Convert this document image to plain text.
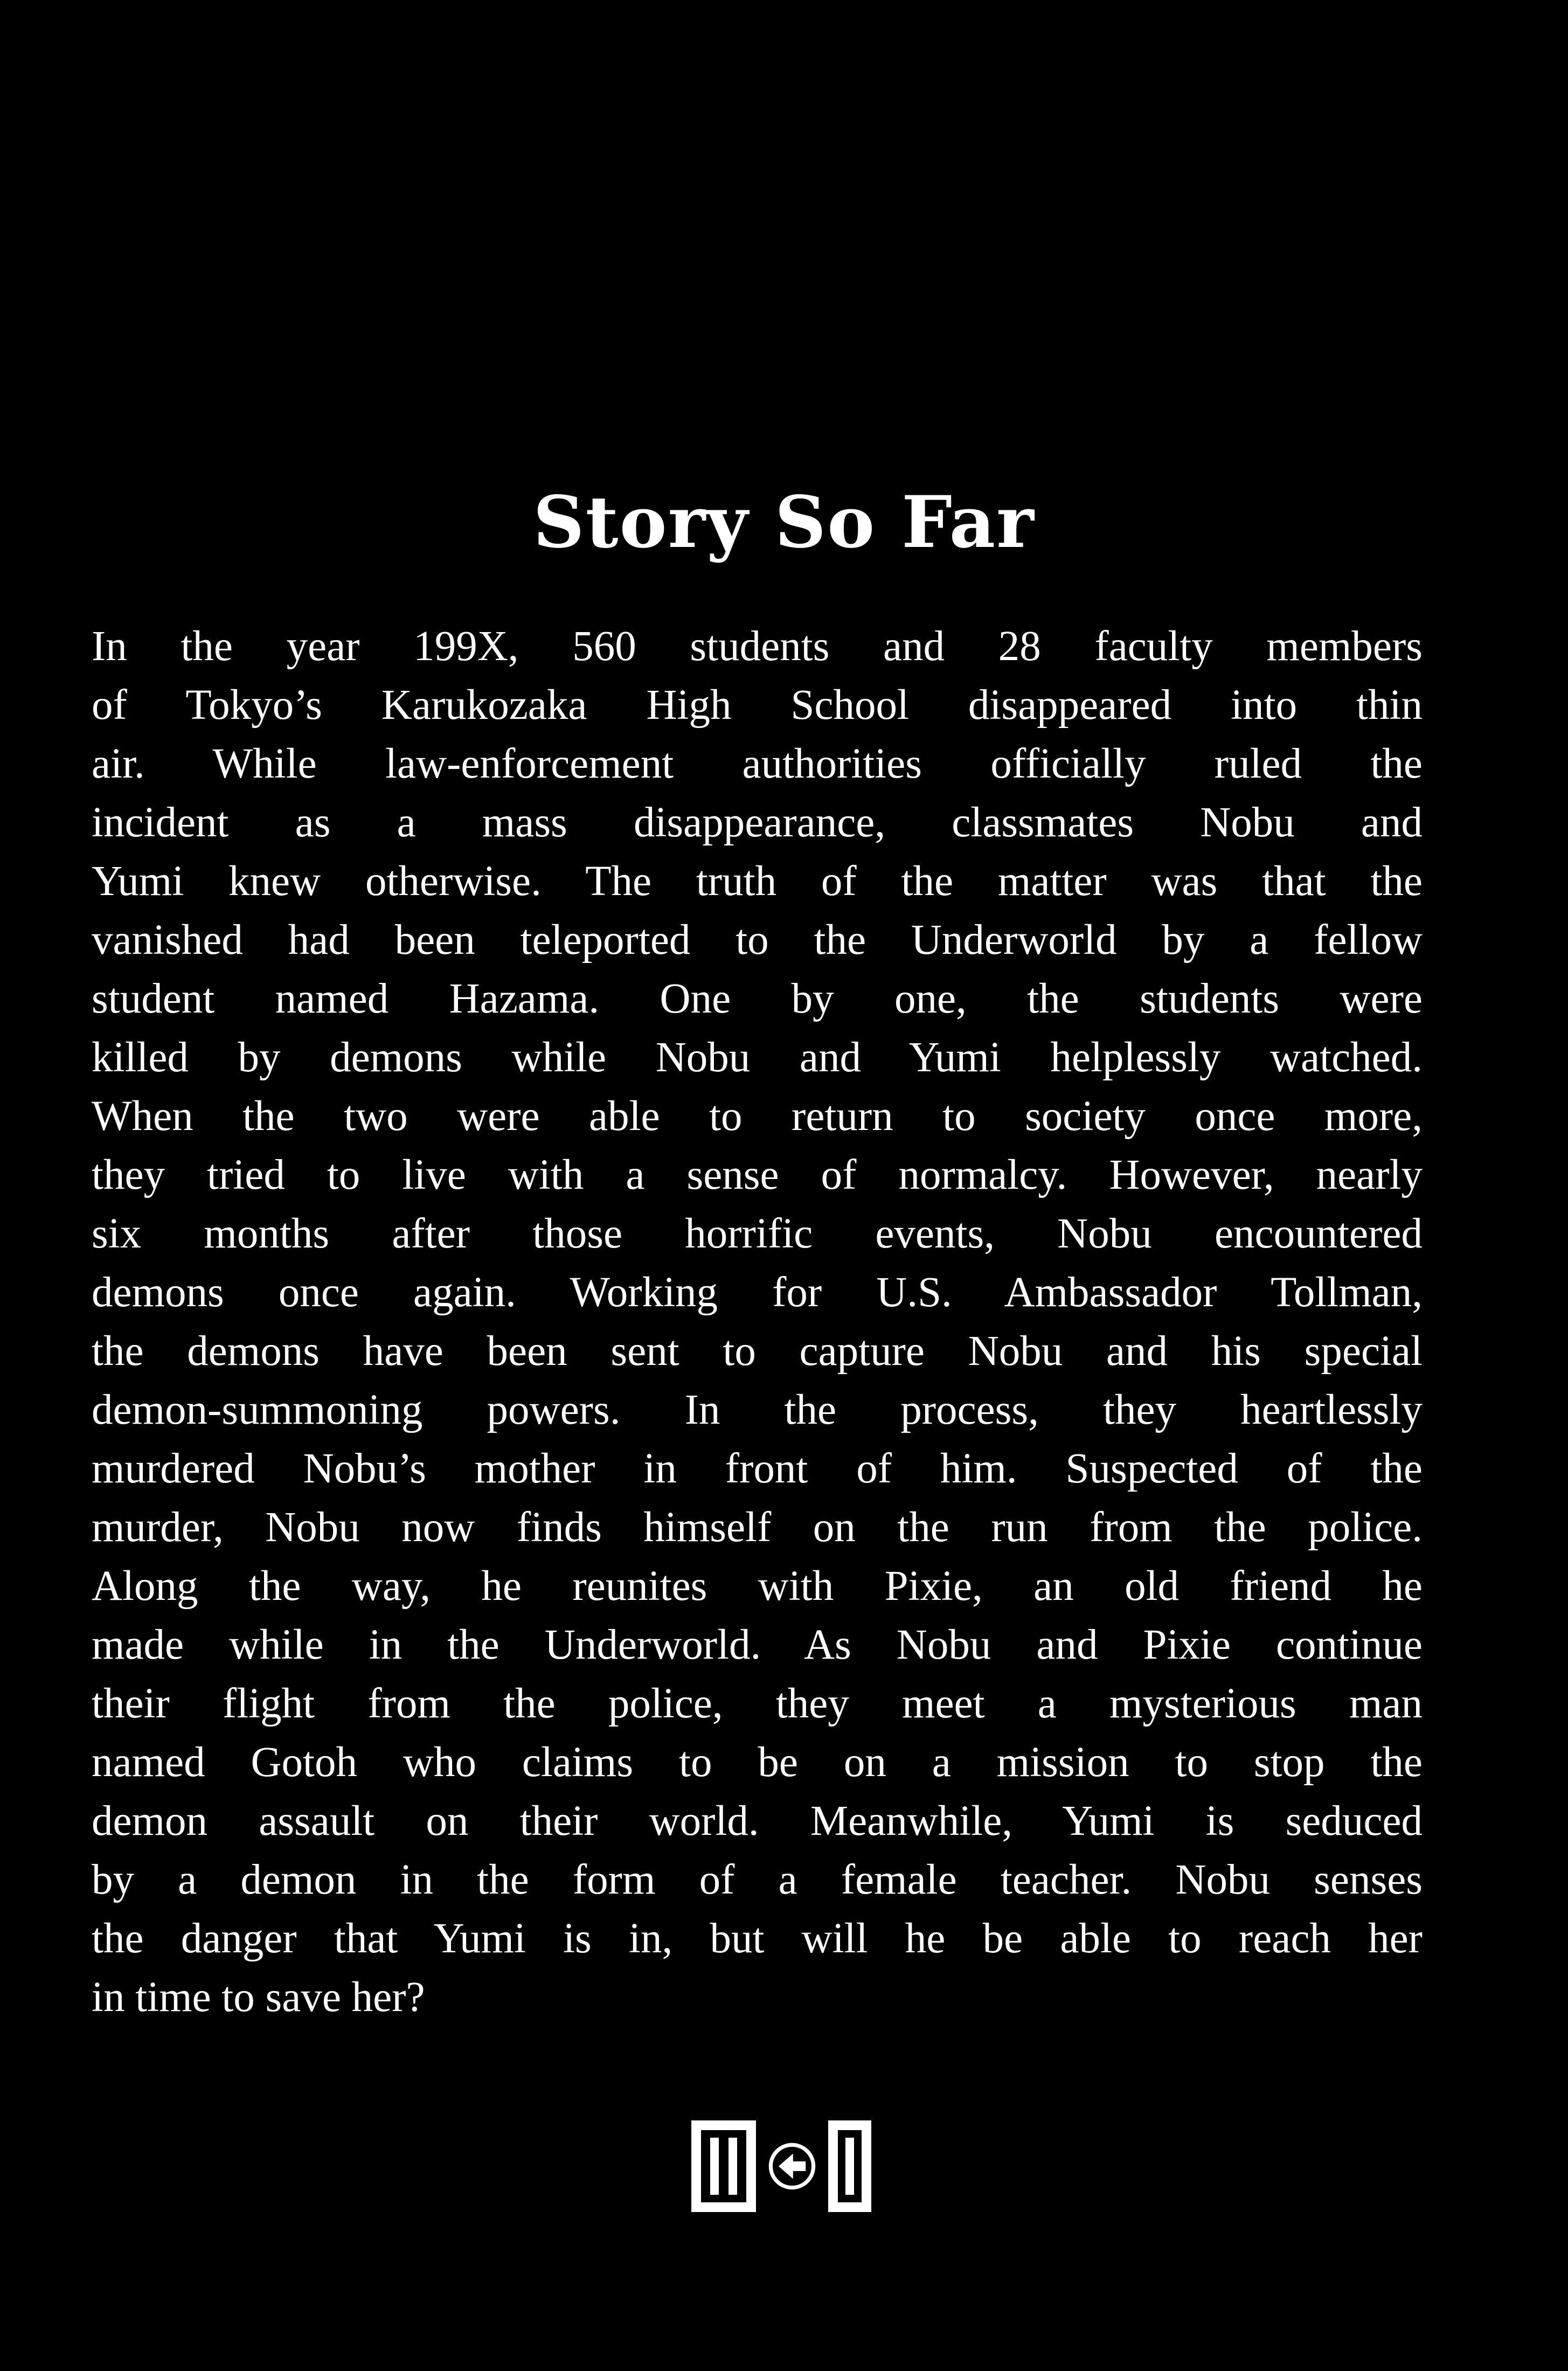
Story So Far
In the year 199X, 560 students and 28 faculty members
of Tokyo’s Karukozaka High School disappeared into thin
air. While law-enforcement authorities officially ruled the
incident as a mass disappearance, classmates Nobu and
Yumi knew otherwise. The truth of the matter was that the
vanished had been teleported to the Underworld by a fellow
student named Hazama. One by one, the students were
killed by demons while Nobu and Yumi helplessly watched.
When the two were able to return to society once more,
they tried to live with a sense of normalcy. However, nearly
six months after those horrific events, Nobu encountered
demons once again. Working for U.S. Ambassador Tollman,
the demons have been sent to capture Nobu and his special
demon-summoning powers. In the process, they heartlessly
murdered Nobu’s mother in front of him. Suspected of the
murder, Nobu now finds himself on the run from the police.
Along the way, he reunites with Pixie, an old friend he
made while in the Underworld. As Nobu and Pixie continue
their flight from the police, they meet a mysterious man
named Gotoh who claims to be on a mission to stop the
demon assault on their world. Meanwhile, Yumi is seduced
by a demon in the form of a female teacher. Nobu senses
the danger that Yumi is in, but will he be able to reach her
in time to save her?
